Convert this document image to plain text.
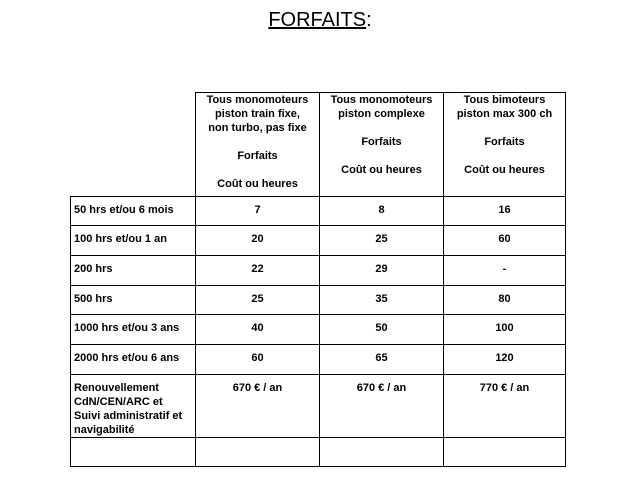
FORFAITS:

	Tous monomoteurs
piston train fixe,
non turbo, pas fixe
Forfaits
Coût ou heures	Tous monomoteurs
piston complexe
Forfaits
Coût ou heures	Tous bimoteurs
piston max 300 ch
Forfaits
Coût ou heures

50 hrs et/ou 6 mois	7	8	16
100 hrs et/ou 1 an	20	25	60
200 hrs	22	29	-
500 hrs	25	35	80
1000 hrs et/ou 3 ans	40	50	100
2000 hrs et/ou 6 ans	60	65	120

Renouvellement
CdN/CEN/ARC et
Suivi administratif et
navigabilité	670 € / an	670 € / an	770 € / an
